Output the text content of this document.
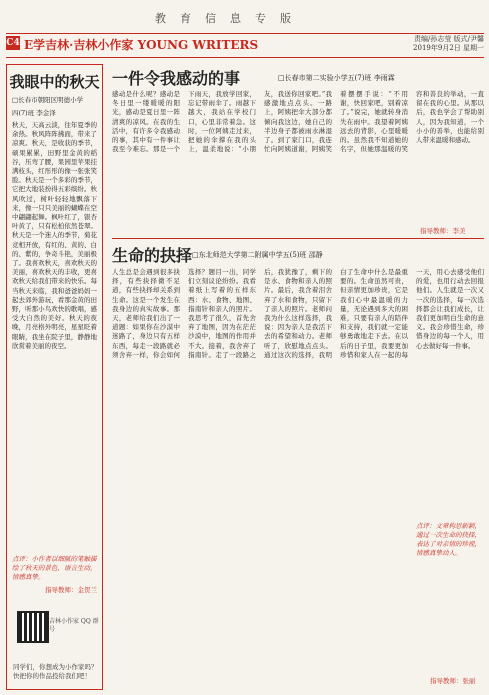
教育信息专版
C4 E学吉林·吉林小作家 YOUNG WRITERS	责编/孙志莹 版式/尹馨
2019年9月2日 星期一
我眼中的秋天
□长春市朝阳区明德小学
四(7)班 李金泽
秋天，天高云淡，往年夏季的余热。秋风阵阵拂面，带来了凉爽。秋天，是收获的季节，硕果累累，田野里金黄的稻谷，压弯了腰，果园里苹果挂满枝头，红彤彤的像一张张笑脸。秋天是一个多彩的季节，它把大地装扮得五彩缤纷。秋风吹过，树叶轻轻地飘落下来，像一只只美丽的蝴蝶在空中翩翩起舞。枫叶红了，银杏叶黄了，只有松柏依然苍翠。秋天是一个迷人的季节，菊花竞相开放，有红的、黄的、白的、紫的，争奇斗艳，美丽极了。我喜欢秋天，喜欢秋天的美丽，喜欢秋天的丰收，更喜欢秋天给我们带来的快乐。每当秋天来临，我和爸爸妈妈一起去郊外游玩，看那金黄的田野，听那小鸟欢快的歌唱，感受大自然的美好。秋天的夜晚，月亮格外明亮，星星眨着眼睛，我坐在院子里，静静地欣赏着美丽的夜空。
点评：小作者以细腻的笔触描绘了秋天的景色，语言生动，情感真挚。
指导教师：金贺兰
吉林小作家 QQ 群号
同学们，你想成为小作家吗？快把你的作品投给我们吧！
一件令我感动的事	□长春市第二实验小学五(7)班 李雨霖
感动是什么呢？感动是冬日里一缕暖暖的阳光，感动是夏日里一阵清爽的凉风。在我的生活中，有许多令我感动的事，其中有一件事让我至今难忘。那是一个下雨天，我放学回家，忘记带雨伞了。雨越下越大，我站在学校门口，心里非常着急。这时，一位阿姨走过来，把她的伞撑在我的头上，温柔地说：“小朋友，我送你回家吧。”我感激地点点头。一路上，阿姨把伞大部分都倾向我这边，她自己的半边身子都被雨水淋湿了。到了家门口，我连忙向阿姨道谢，阿姨笑着摆摆手说：“不用谢，快回家吧，别着凉了。”说完，她就转身消失在雨中。我望着阿姨远去的背影，心里暖暖的。虽然我不知道她的名字，但她那温暖的笑容和善良的举动，一直留在我的心里。从那以后，我也学会了帮助别人，因为我知道，一个小小的善举，也能给别人带来温暖和感动。
指导教师：李美
生命的抉择 □东北师范大学第二附属中学五(5)班 邵静
人生总是会遇到很多抉择，有些抉择微不足道，有些抉择却关系到生命。这是一个发生在我身边的真实故事。那天，老师给我们出了一道题：如果你在沙漠中迷路了，身边只有五样东西，每走一段路就必须舍弃一样，你会如何选择？题目一出，同学们立刻议论纷纷。我看着纸上写着的五样东西：水、食物、地图、指南针和亲人的照片。我思考了很久，首先舍弃了地图，因为在茫茫沙漠中，地图的作用并不大。接着，我舍弃了指南针。走了一段路之后，我犹豫了，剩下的是水、食物和亲人的照片。最后，我含着泪舍弃了水和食物，只留下了亲人的照片。老师问我为什么这样选择，我说：因为亲人是我活下去的希望和动力。老师听了，欣慰地点点头。通过这次的选择，我明白了生命中什么是最重要的。生命虽然可贵，但亲情更加珍贵，它是我们心中最温暖的力量，无论遇到多大的困难，只要有亲人的陪伴和支持，我们就一定能够勇敢地走下去。在以后的日子里，我要更加珍惜和家人在一起的每一天，用心去感受他们的爱，也用行动去回报他们。人生就是一次又一次的选择，每一次选择都会让我们成长，让我们更加明白生命的意义。我会珍惜生命，珍惜身边的每一个人，用心去做好每一件事。
点评：文章构思新颖，通过一次生命的抉择，表达了对亲情的珍视，情感真挚动人。
指导教师：张丽
